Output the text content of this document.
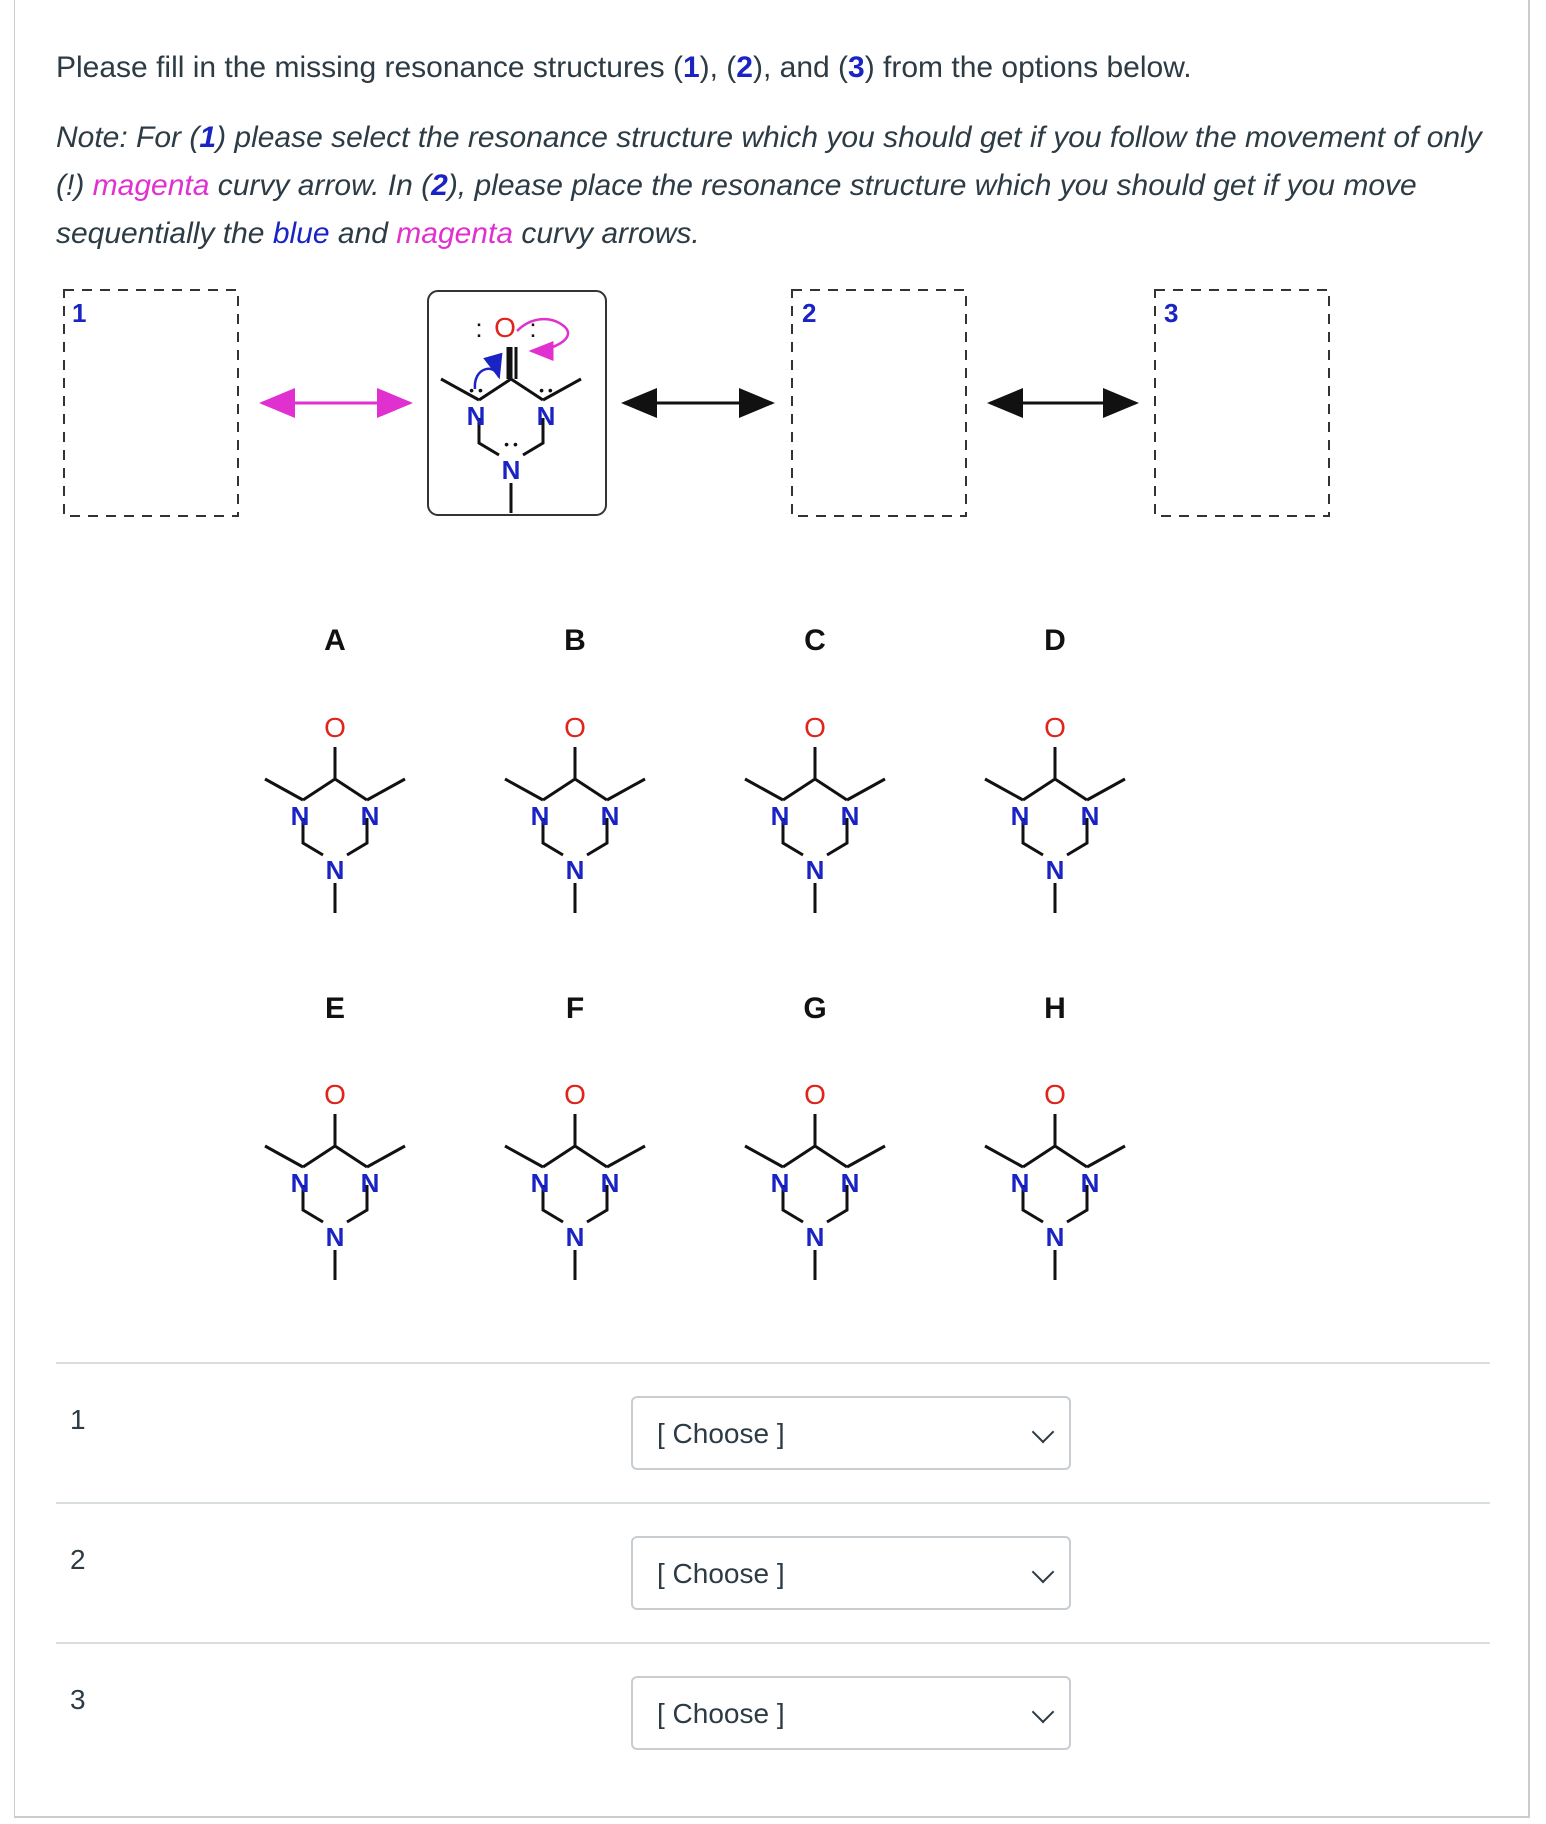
Please fill in the missing resonance structures (1), (2), and (3) from the options below.

Note: For (1) please select the resonance structure which you should get if you follow the movement of only (!) magenta curvy arrow. In (2), please place the resonance structure which you should get if you move sequentially the blue and magenta curvy arrows.

1	2	3
O
: :
N
• •
N
• •
N
• •
A
O
N N
N
B
O
N N
N
C
O
N N
N
D
O
N N
N
E
O
N N
N
F
O
N N
N
G
O
N N
N
H
O
N N
N
1	[ Choose ]
2	[ Choose ]
3	[ Choose ]
